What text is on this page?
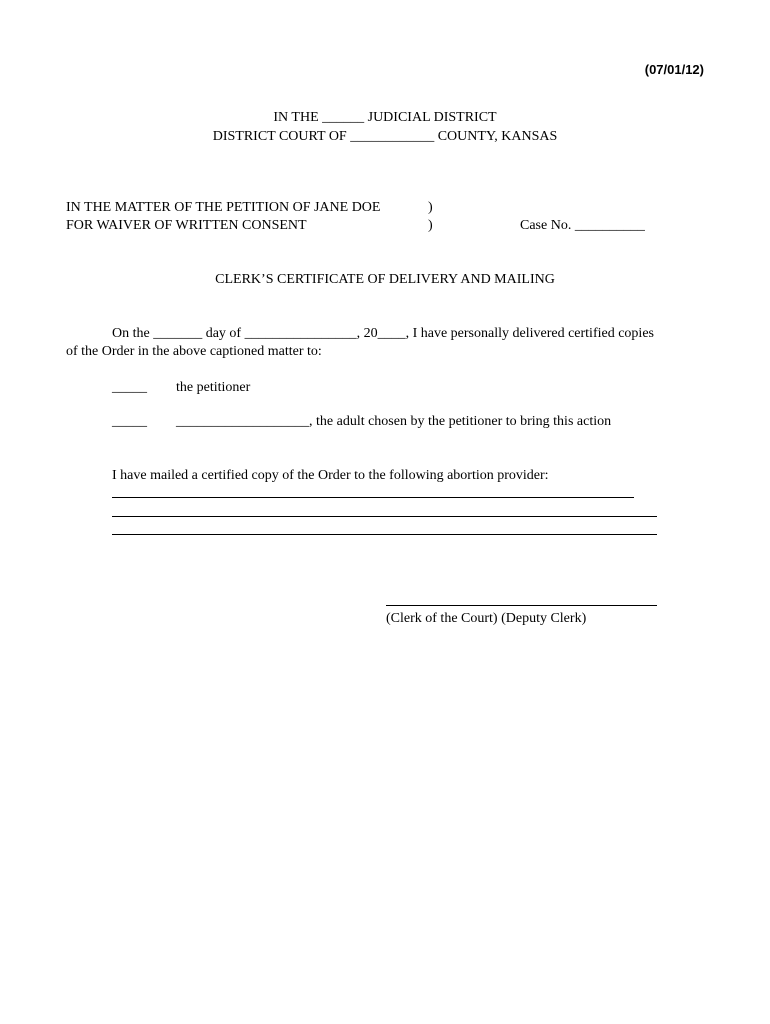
(07/01/12)
IN THE ______ JUDICIAL DISTRICT
DISTRICT COURT OF ____________ COUNTY, KANSAS
IN THE MATTER OF THE PETITION OF JANE DOE	)
FOR WAIVER OF WRITTEN CONSENT	)	Case No. __________
CLERK’S CERTIFICATE OF DELIVERY AND MAILING
On the _______ day of ________________, 20____, I have personally delivered certified copies
of the Order in the above captioned matter to:
_____ the petitioner
_____ ___________________, the adult chosen by the petitioner to bring this action
I have mailed a certified copy of the Order to the following abortion provider:
(Clerk of the Court) (Deputy Clerk)
